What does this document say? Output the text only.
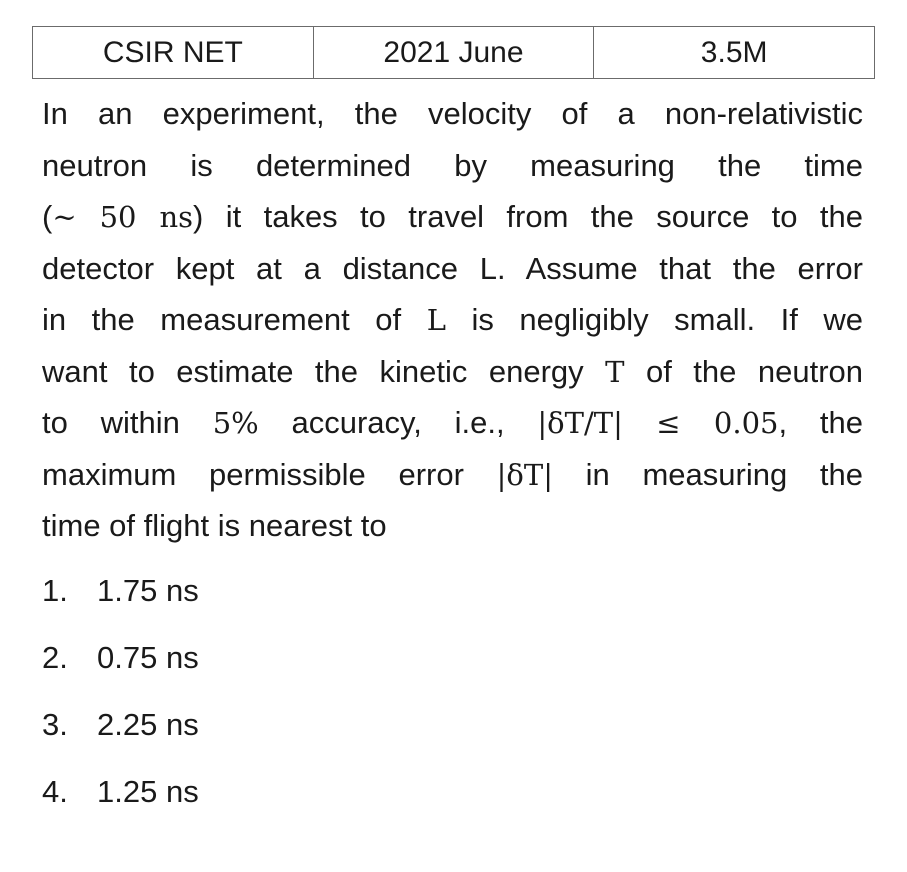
CSIR NET	2021 June	3.5M
In an experiment, the velocity of a non-relativistic
neutron is determined by measuring the time
(~ 50 ns) it takes to travel from the source to the
detector kept at a distance L. Assume that the error
in the measurement of L is negligibly small. If we
want to estimate the kinetic energy T of the neutron
to within 5% accuracy, i.e., |δT/T| ≤ 0.05, the
maximum permissible error |δT| in measuring the
time of flight is nearest to
1. 1.75 ns
2. 0.75 ns
3. 2.25 ns
4. 1.25 ns
